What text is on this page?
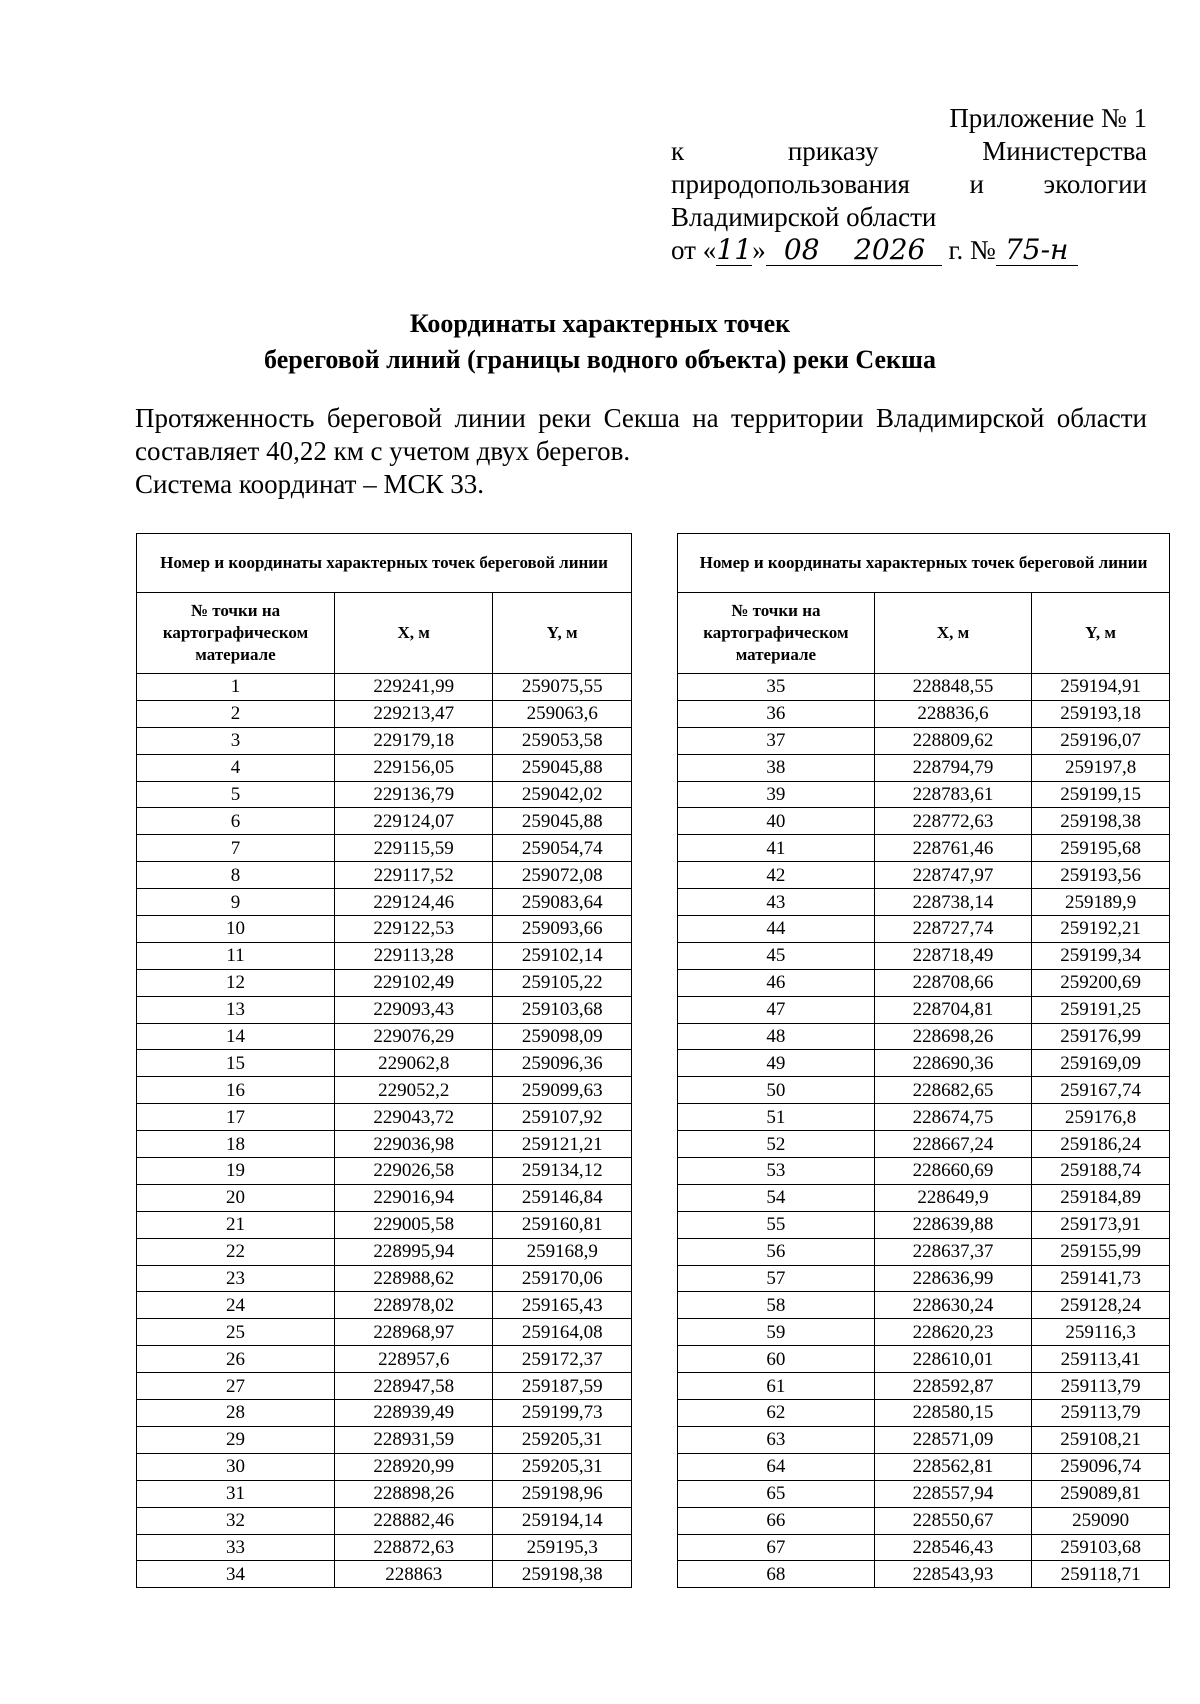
Приложение № 1
к приказу Министерства
природопользования и экологии
Владимирской области
от «11» 08 2026 г. № 75-н
Координаты характерных точек
береговой линий (границы водного объекта) реки Секша
Протяженность береговой линии реки Секша на территории Владимирской области составляет 40,22 км с учетом двух берегов.
Система координат – МСК 33.
Номер и координаты характерных точек береговой линии		
№ точки на картографическом материале	X, м	Y, м
1	229241,99	259075,55
2	229213,47	259063,6
3	229179,18	259053,58
4	229156,05	259045,88
5	229136,79	259042,02
6	229124,07	259045,88
7	229115,59	259054,74
8	229117,52	259072,08
9	229124,46	259083,64
10	229122,53	259093,66
11	229113,28	259102,14
12	229102,49	259105,22
13	229093,43	259103,68
14	229076,29	259098,09
15	229062,8	259096,36
16	229052,2	259099,63
17	229043,72	259107,92
18	229036,98	259121,21
19	229026,58	259134,12
20	229016,94	259146,84
21	229005,58	259160,81
22	228995,94	259168,9
23	228988,62	259170,06
24	228978,02	259165,43
25	228968,97	259164,08
26	228957,6	259172,37
27	228947,58	259187,59
28	228939,49	259199,73
29	228931,59	259205,31
30	228920,99	259205,31
31	228898,26	259198,96
32	228882,46	259194,14
33	228872,63	259195,3
34	228863	259198,38
Номер и координаты характерных точек береговой линии		
№ точки на картографическом материале	X, м	Y, м
35	228848,55	259194,91
36	228836,6	259193,18
37	228809,62	259196,07
38	228794,79	259197,8
39	228783,61	259199,15
40	228772,63	259198,38
41	228761,46	259195,68
42	228747,97	259193,56
43	228738,14	259189,9
44	228727,74	259192,21
45	228718,49	259199,34
46	228708,66	259200,69
47	228704,81	259191,25
48	228698,26	259176,99
49	228690,36	259169,09
50	228682,65	259167,74
51	228674,75	259176,8
52	228667,24	259186,24
53	228660,69	259188,74
54	228649,9	259184,89
55	228639,88	259173,91
56	228637,37	259155,99
57	228636,99	259141,73
58	228630,24	259128,24
59	228620,23	259116,3
60	228610,01	259113,41
61	228592,87	259113,79
62	228580,15	259113,79
63	228571,09	259108,21
64	228562,81	259096,74
65	228557,94	259089,81
66	228550,67	259090
67	228546,43	259103,68
68	228543,93	259118,71
